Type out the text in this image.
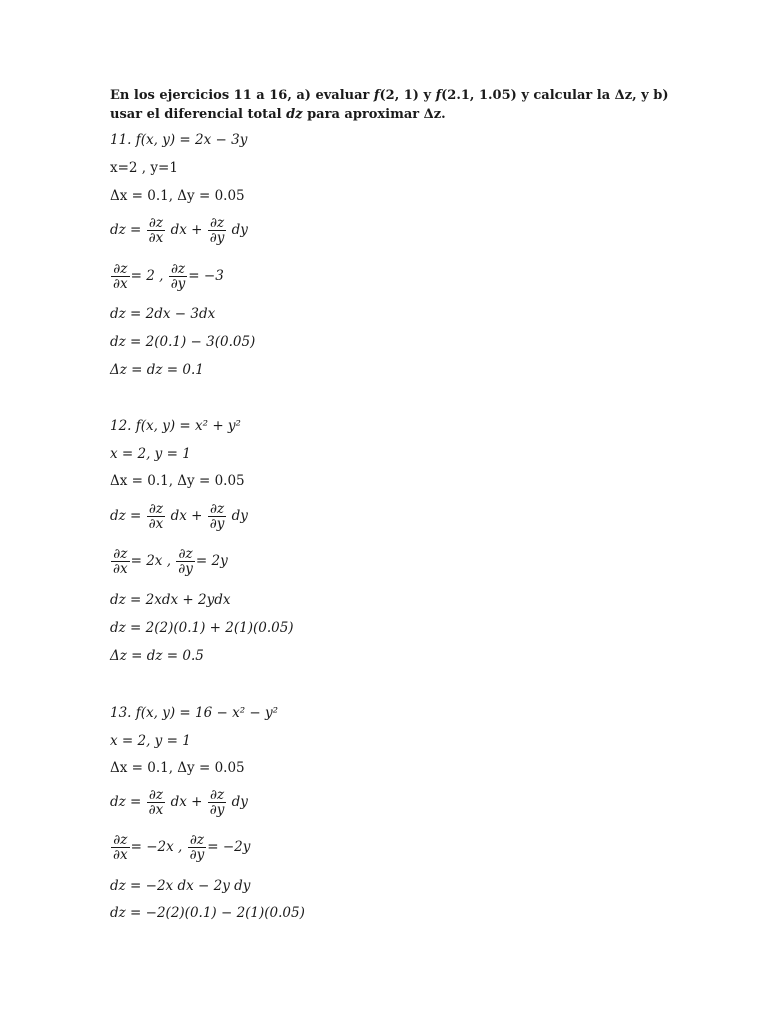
En los ejercicios 11 a 16, a) evaluar f(2, 1) y f(2.1, 1.05) y calcular la Δz, y b) usar el diferencial total dz para aproximar Δz.
11. f(x, y) = 2x − 3y
x=2 , y=1
Δx = 0.1, Δy = 0.05
dz = $\frac{\partial z}{\partial x}$ dx + $\frac{\partial z}{\partial y}$ dy
$\frac{\partial z}{\partial x} = 2$ , $\frac{\partial z}{\partial y} = -3$
dz = 2dx − 3dx
dz = 2(0.1) − 3(0.05)
Δz = dz = 0.1
12. f(x, y) = x² + y²
x = 2, y = 1
Δx = 0.1, Δy = 0.05
dz = $\frac{\partial z}{\partial x}$ dx + $\frac{\partial z}{\partial y}$ dy
$\frac{\partial z}{\partial x} = 2x$ , $\frac{\partial z}{\partial y} = 2y$
dz = 2xdx + 2ydx
dz = 2(2)(0.1) + 2(1)(0.05)
Δz = dz = 0.5
13. f(x, y) = 16 − x² − y²
x = 2, y = 1
Δx = 0.1, Δy = 0.05
dz = $\frac{\partial z}{\partial x}$ dx + $\frac{\partial z}{\partial y}$ dy
$\frac{\partial z}{\partial x} = -2x$ , $\frac{\partial z}{\partial y} = -2y$
dz = −2x dx − 2y dy
dz = −2(2)(0.1) − 2(1)(0.05)
